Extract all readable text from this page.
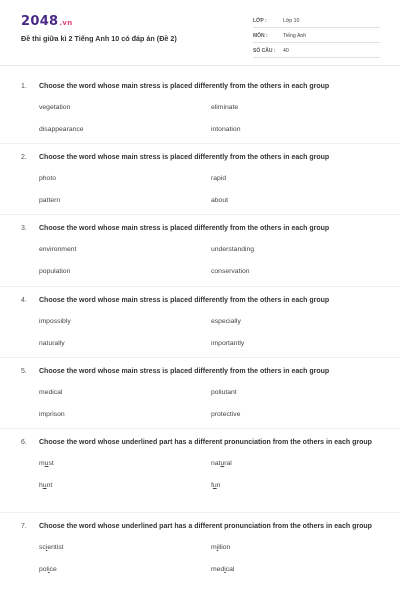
2048.vn
Đề thi giữa kì 2 Tiếng Anh 10 có đáp án (Đề 2)
LỚP :	Lớp 10
MÔN :	Tiếng Anh
SỐ CÂU :	40
1.	Choose the word whose main stress is placed differently from the others in each group
vegetation	eliminate
disappearance	intonation
2.	Choose the word whose main stress is placed differently from the others in each group
photo	rapid
pattern	about
3.	Choose the word whose main stress is placed differently from the others in each group
environment	understanding
population	conservation
4.	Choose the word whose main stress is placed differently from the others in each group
impossibly	especially
naturally	importantly
5.	Choose the word whose main stress is placed differently from the others in each group
medical	pollutant
imprison	protective
6.	Choose the word whose underlined part has a different pronunciation from the others in each group
must	natural
hunt	fun
7.	Choose the word whose underlined part has a different pronunciation from the others in each group
scientist	million
police	medical
